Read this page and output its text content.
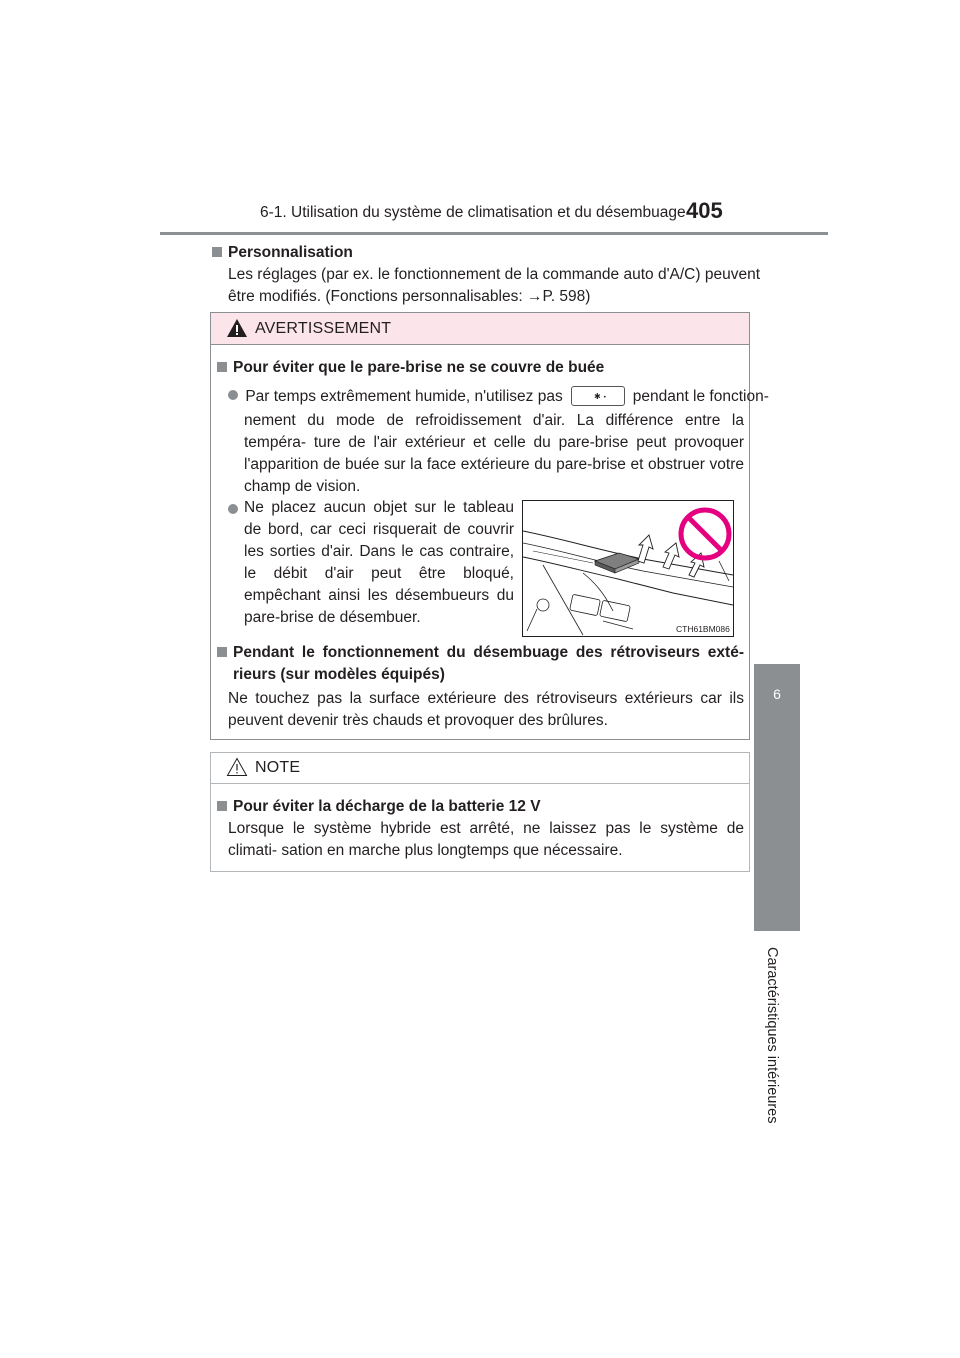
6-1. Utilisation du système de climatisation et du désembuage 405
6
Caractéristiques intérieures
Personnalisation
Les réglages (par ex. le fonctionnement de la commande auto d'A/C) peuvent
être modifiés. (Fonctions personnalisables: →P. 598)
AVERTISSEMENT
Pour éviter que le pare-brise ne se couvre de buée
Par temps extrêmement humide, n'utilisez pas	✱ • pendant le fonction-
nement du mode de refroidissement d'air. La différence entre la tempéra- ture de l'air extérieur et celle du pare-brise peut provoquer l'apparition de buée sur la face extérieure du pare-brise et obstruer votre champ de vision.
Ne placez aucun objet sur le tableau de bord, car ceci risquerait de couvrir les sorties d'air. Dans le cas contraire, le débit d'air peut être bloqué, empêchant ainsi les désembueurs du pare-brise de désembuer.
CTH61BM086
Pendant le fonctionnement du désembuage des rétroviseurs exté- rieurs (sur modèles équipés)
Ne touchez pas la surface extérieure des rétroviseurs extérieurs car ils peuvent devenir très chauds et provoquer des brûlures.
NOTE
Pour éviter la décharge de la batterie 12 V
Lorsque le système hybride est arrêté, ne laissez pas le système de climati- sation en marche plus longtemps que nécessaire.
